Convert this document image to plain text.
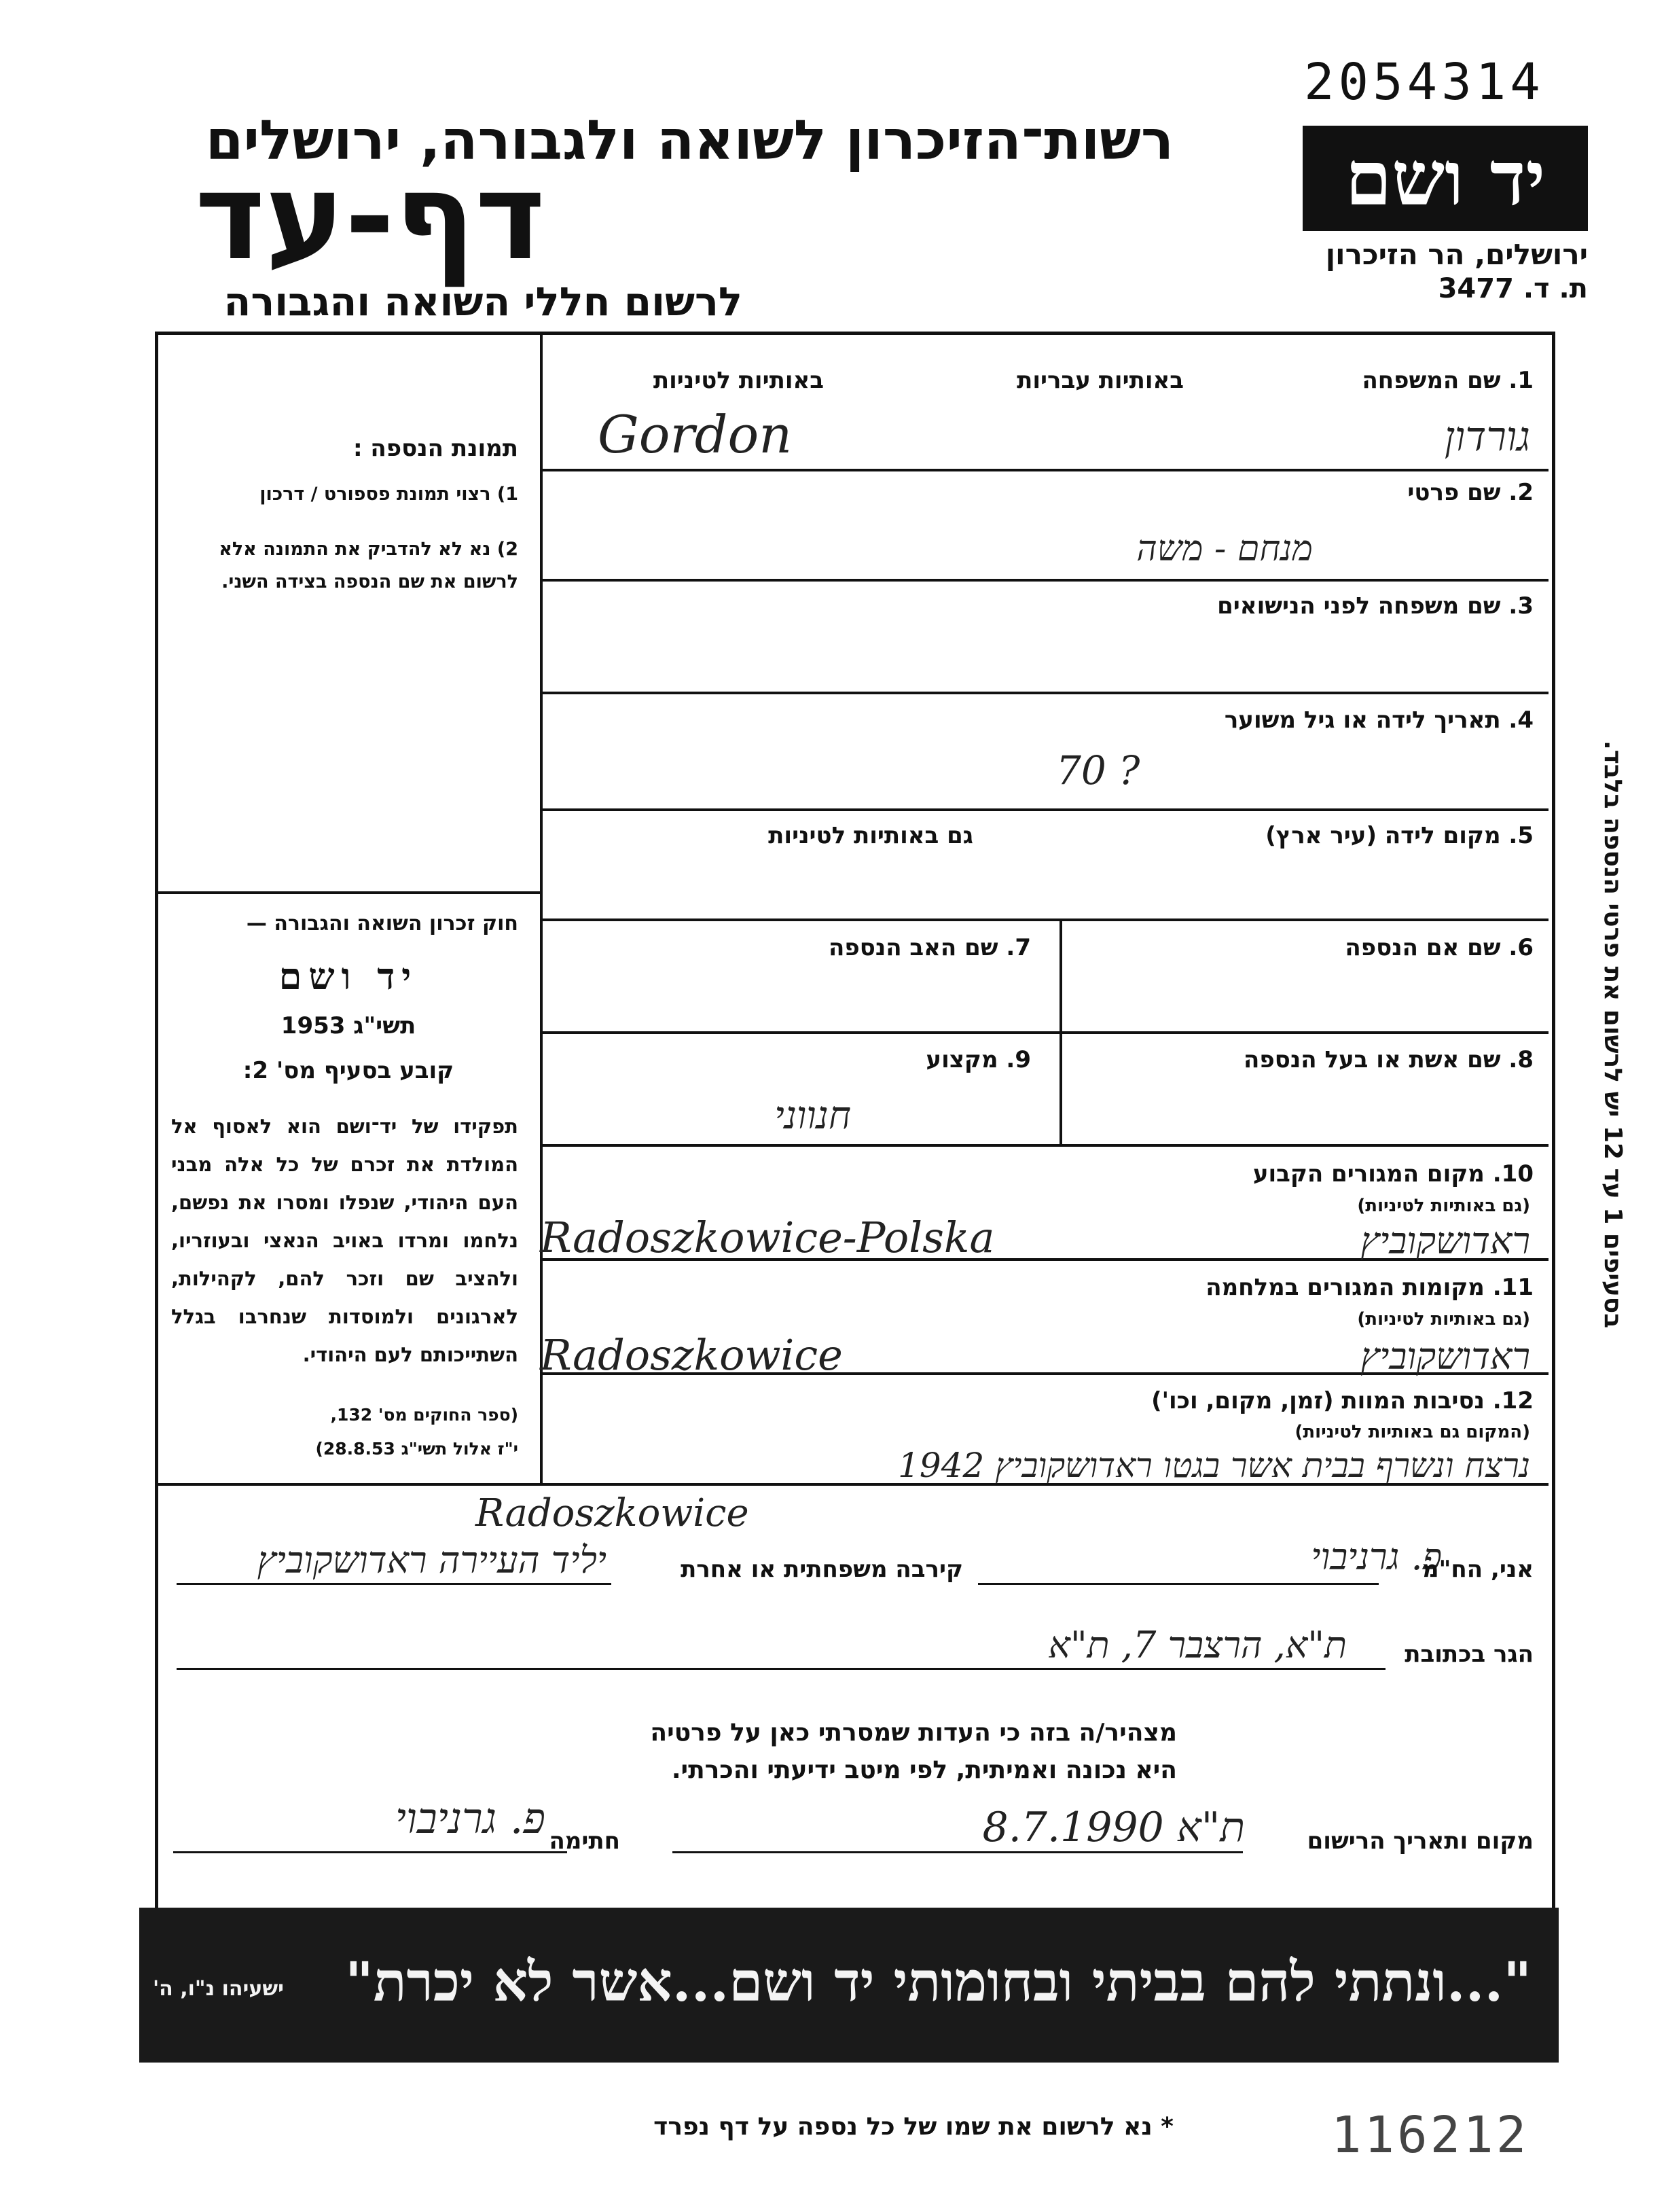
2054314
רשות־הזיכרון לשואה ולגבורה, ירושלים
דף-עד
לרשום חללי השואה והגבורה
יד ושם
ירושלים, הר הזיכרון
ת. ד. 3477
תמונת הנספה :
1) רצוי תמונת פספורט / דרכון
2) נא לא להדביק את התמונה אלא לרשום את שם הנספה בצידה השני.
חוק זכרון השואה והגבורה —
יד ושם
תשי"ג 1953
קובע בסעיף מס' 2:
תפקידו של יד־ושם הוא לאסוף אל המולדת את זכרם של כל אלה מבני העם היהודי, שנפלו ומסרו את נפשם, נלחמו ומרדו באויב הנאצי ובעוזריו, ולהציב שם וזכר להם, לקהילות, לארגונים ולמוסדות שנחרבו בגלל השתייכותם לעם היהודי.
(ספר החוקים מס' 132,
י"ז אלול תשי"ג 28.8.53)
1. שם המשפחה
באותיות עבריות
באותיות לטיניות
גורדון
Gordon
2. שם פרטי
מנחם - משה
3. שם משפחה לפני הנישואים
4. תאריך לידה או גיל משוער
70 ?
5. מקום לידה (עיר ארץ)
גם באותיות לטיניות
6. שם אם הנספה
7. שם האב הנספה
8. שם אשת או בעל הנספה
9. מקצוע
חנווני
10. מקום המגורים הקבוע
(גם באותיות לטיניות)
Radoszkowice-Polska	ראדושקוביץ
11. מקומות המגורים במלחמה
(גם באותיות לטיניות)
Radoszkowice	ראדושקוביץ
12. נסיבות המוות (זמן, מקום, וכו')
(המקום גם באותיות לטיניות)
נרצח ונשרף בבית אשר בגטו ראדושקוביץ 1942
Radoszkowice
יליד העיירה ראדושקוביץ	קירבה משפחתית או אחרת	פ. גרניבוי
אני, הח"מ
ת"א, הרצבר 7, ת"א	הגר בכתובת
מצהיר/ה בזה כי העדות שמסרתי כאן על פרטיה
היא נכונה ואמיתית, לפי מיטב ידיעתי והכרתי.
ת"א 8.7.1990	מקום ותאריך הרישום
פ. גרניבוי חתימה
בסעיפים 1 עד 12 יש לרשום את פרטי הנספה בלבד.
"...ונתתי להם בביתי ובחומותי יד ושם...אשר לא יכרת"
ישעיהו נ"ו, ה'
* נא לרשום את שמו של כל נספה על דף נפרד	116212
